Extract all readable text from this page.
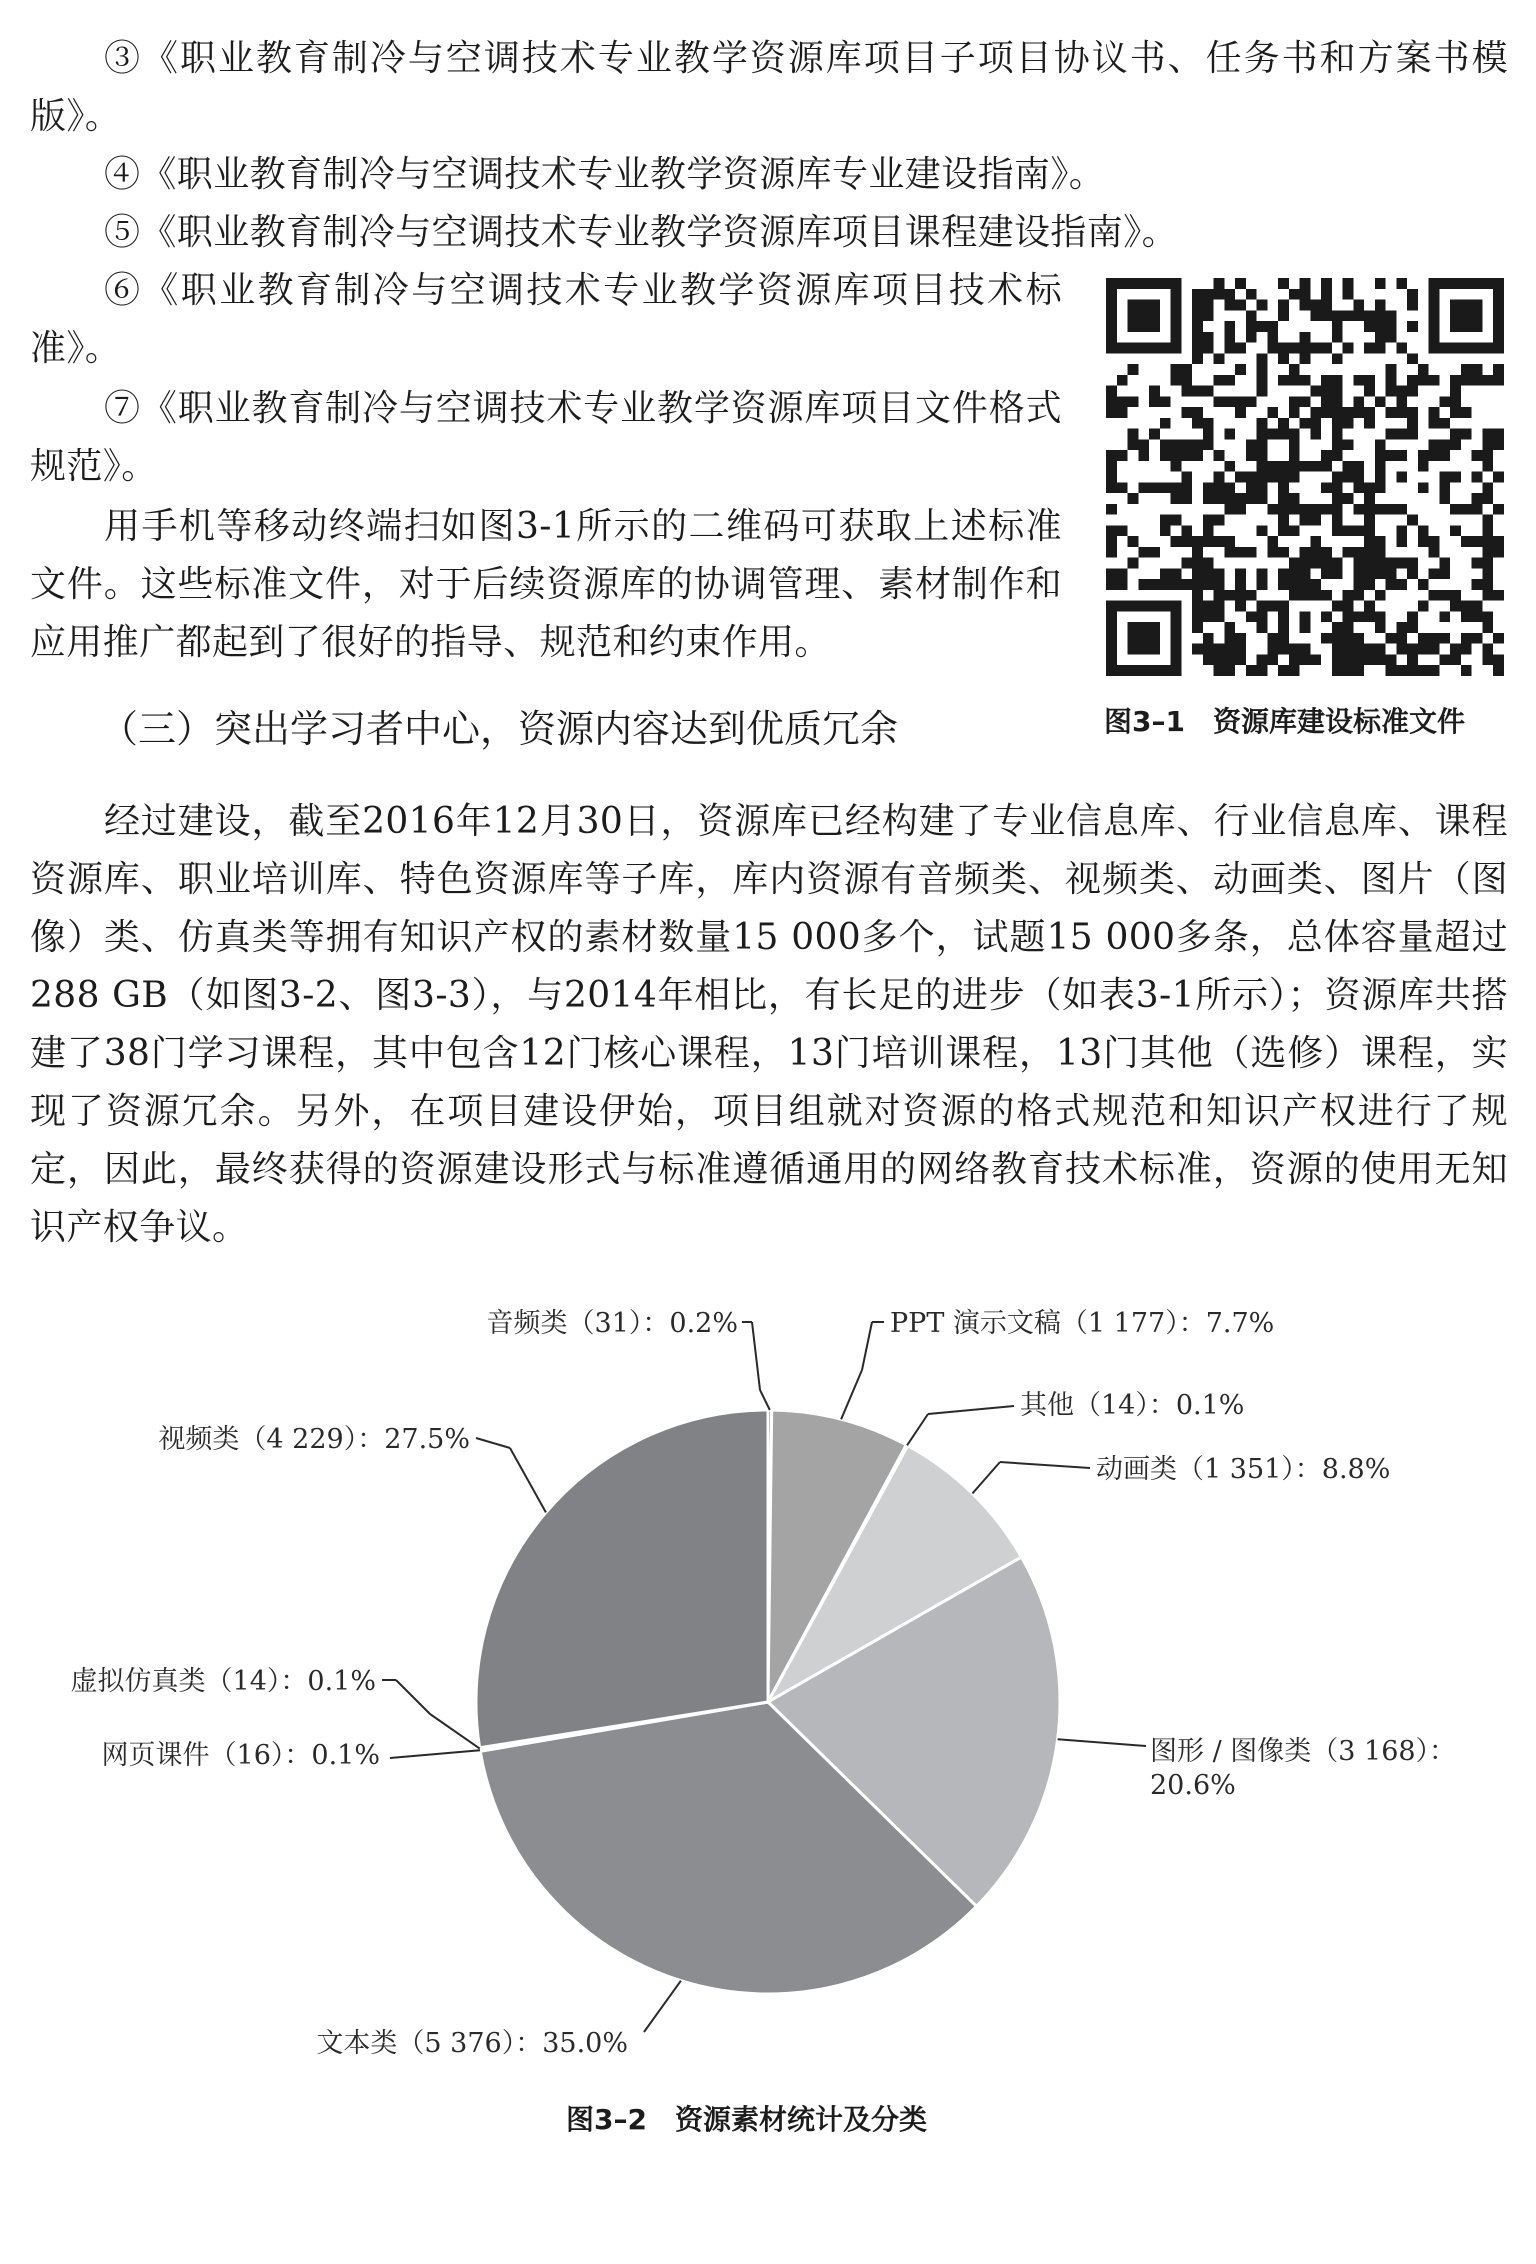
③《职业教育制冷与空调技术专业教学资源库项目子项目协议书、任务书和方案书模版》。

④《职业教育制冷与空调技术专业教学资源库专业建设指南》。

⑤《职业教育制冷与空调技术专业教学资源库项目课程建设指南》。

⑥《职业教育制冷与空调技术专业教学资源库项目技术标准》。

⑦《职业教育制冷与空调技术专业教学资源库项目文件格式规范》。

用手机等移动终端扫如图3-1所示的二维码可获取上述标准文件。这些标准文件，对于后续资源库的协调管理、素材制作和应用推广都起到了很好的指导、规范和约束作用。

图3–1　资源库建设标准文件

（三）突出学习者中心，资源内容达到优质冗余

经过建设，截至2016年12月30日，资源库已经构建了专业信息库、行业信息库、课程资源库、职业培训库、特色资源库等子库，库内资源有音频类、视频类、动画类、图片（图像）类、仿真类等拥有知识产权的素材数量15 000多个，试题15 000多条，总体容量超过288 GB（如图3-2、图3-3），与2014年相比，有长足的进步（如表3-1所示）；资源库共搭建了38门学习课程，其中包含12门核心课程，13门培训课程，13门其他（选修）课程，实现了资源冗余。另外，在项目建设伊始，项目组就对资源的格式规范和知识产权进行了规定，因此，最终获得的资源建设形式与标准遵循通用的网络教育技术标准，资源的使用无知识产权争议。

音频类（31）：0.2%	PPT 演示文稿（1 177）：7.7%
其他（14）：0.1%
动画类（1 351）：8.8%
图形 / 图像类（3 168）：
20.6%
文本类（5 376）：35.0%
网页课件（16）：0.1%
虚拟仿真类（14）：0.1%
视频类（4 229）：27.5%

图3–2　资源素材统计及分类
